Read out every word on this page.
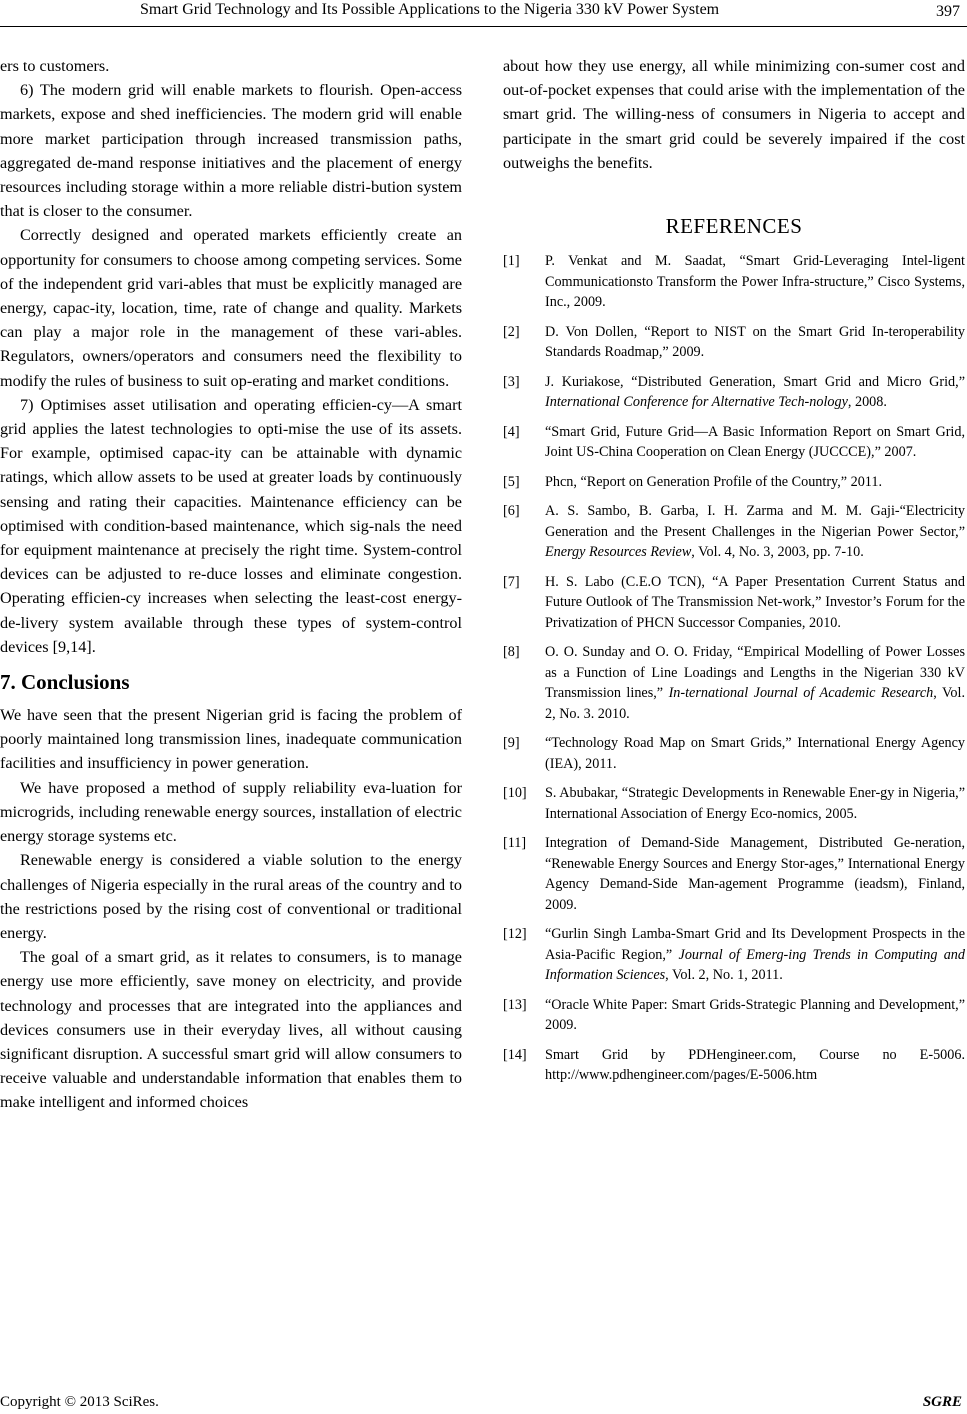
Smart Grid Technology and Its Possible Applications to the Nigeria 330 kV Power System	397

ers to customers.

6) The modern grid will enable markets to flourish. Open-access markets, expose and shed inefficiencies. The modern grid will enable more market participation through increased transmission paths, aggregated de-mand response initiatives and the placement of energy resources including storage within a more reliable distri-bution system that is closer to the consumer.

Correctly designed and operated markets efficiently create an opportunity for consumers to choose among competing services. Some of the independent grid vari-ables that must be explicitly managed are energy, capac-ity, location, time, rate of change and quality. Markets can play a major role in the management of these vari-ables. Regulators, owners/operators and consumers need the flexibility to modify the rules of business to suit op-erating and market conditions.

7) Optimises asset utilisation and operating efficien-cy—A smart grid applies the latest technologies to opti-mise the use of its assets. For example, optimised capac-ity can be attainable with dynamic ratings, which allow assets to be used at greater loads by continuously sensing and rating their capacities. Maintenance efficiency can be optimised with condition-based maintenance, which sig-nals the need for equipment maintenance at precisely the right time. System-control devices can be adjusted to re-duce losses and eliminate congestion. Operating efficien-cy increases when selecting the least-cost energy-de-livery system available through these types of system-control devices [9,14].

7. Conclusions

We have seen that the present Nigerian grid is facing the problem of poorly maintained long transmission lines, inadequate communication facilities and insufficiency in power generation.

We have proposed a method of supply reliability eva-luation for microgrids, including renewable energy sources, installation of electric energy storage systems etc.

Renewable energy is considered a viable solution to the energy challenges of Nigeria especially in the rural areas of the country and to the restrictions posed by the rising cost of conventional or traditional energy.

The goal of a smart grid, as it relates to consumers, is to manage energy use more efficiently, save money on electricity, and provide technology and processes that are integrated into the appliances and devices consumers use in their everyday lives, all without causing significant disruption. A successful smart grid will allow consumers to receive valuable and understandable information that enables them to make intelligent and informed choices

about how they use energy, all while minimizing con-sumer cost and out-of-pocket expenses that could arise with the implementation of the smart grid. The willing-ness of consumers in Nigeria to accept and participate in the smart grid could be severely impaired if the cost outweighs the benefits.

REFERENCES
[1] P. Venkat and M. Saadat, “Smart Grid-Leveraging Intel-ligent Communicationsto Transform the Power Infra-structure,” Cisco Systems, Inc., 2009.
[2] D. Von Dollen, “Report to NIST on the Smart Grid In-teroperability Standards Roadmap,” 2009.
[3] J. Kuriakose, “Distributed Generation, Smart Grid and Micro Grid,” International Conference for Alternative Tech-nology, 2008.
[4] “Smart Grid, Future Grid—A Basic Information Report on Smart Grid, Joint US-China Cooperation on Clean Energy (JUCCCE),” 2007.
[5] Phcn, “Report on Generation Profile of the Country,” 2011.
[6] A. S. Sambo, B. Garba, I. H. Zarma and M. M. Gaji-“Electricity Generation and the Present Challenges in the Nigerian Power Sector,” Energy Resources Review, Vol. 4, No. 3, 2003, pp. 7-10.
[7] H. S. Labo (C.E.O TCN), “A Paper Presentation Current Status and Future Outlook of The Transmission Net-work,” Investor’s Forum for the Privatization of PHCN Successor Companies, 2010.
[8] O. O. Sunday and O. O. Friday, “Empirical Modelling of Power Losses as a Function of Line Loadings and Lengths in the Nigerian 330 kV Transmission lines,” In-ternational Journal of Academic Research, Vol. 2, No. 3. 2010.
[9] “Technology Road Map on Smart Grids,” International Energy Agency (IEA), 2011.
[10] S. Abubakar, “Strategic Developments in Renewable Ener-gy in Nigeria,” International Association of Energy Eco-nomics, 2005.
[11] Integration of Demand-Side Management, Distributed Ge-neration, “Renewable Energy Sources and Energy Stor-ages,” International Energy Agency Demand-Side Man-agement Programme (ieadsm), Finland, 2009.
[12] “Gurlin Singh Lamba-Smart Grid and Its Development Prospects in the Asia-Pacific Region,” Journal of Emerg-ing Trends in Computing and Information Sciences, Vol. 2, No. 1, 2011.
[13] “Oracle White Paper: Smart Grids-Strategic Planning and Development,” 2009.
[14] Smart Grid by PDHengineer.com, Course no E-5006. http://www.pdhengineer.com/pages/E-5006.htm
Copyright © 2013 SciRes.	SGRE
